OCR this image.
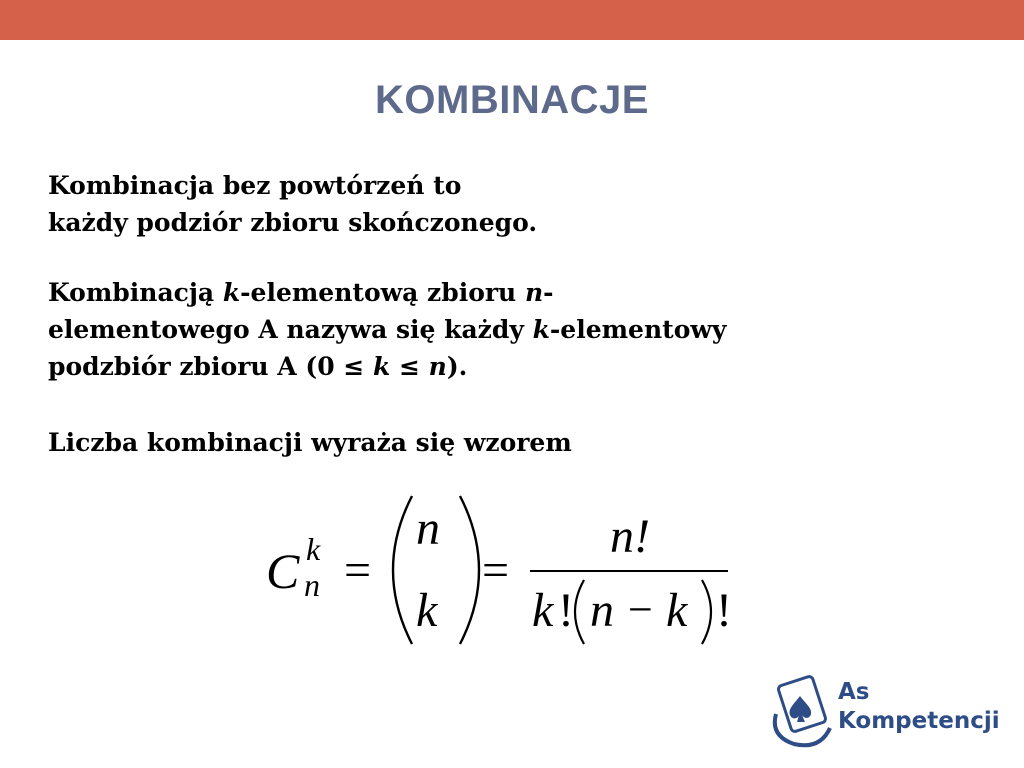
KOMBINACJE
Kombinacja bez powtórzeń to
każdy podziór zbioru skończonego.
Kombinacją k-elementową zbioru n-
elementowego A nazywa się każdy k-elementowy
podzbiór zbioru A (0 ≤ k ≤ n).
Liczba kombinacji wyraża się wzorem
C k
n =
n
k
=
n!
k ! n − k !
As
Kompetencji
